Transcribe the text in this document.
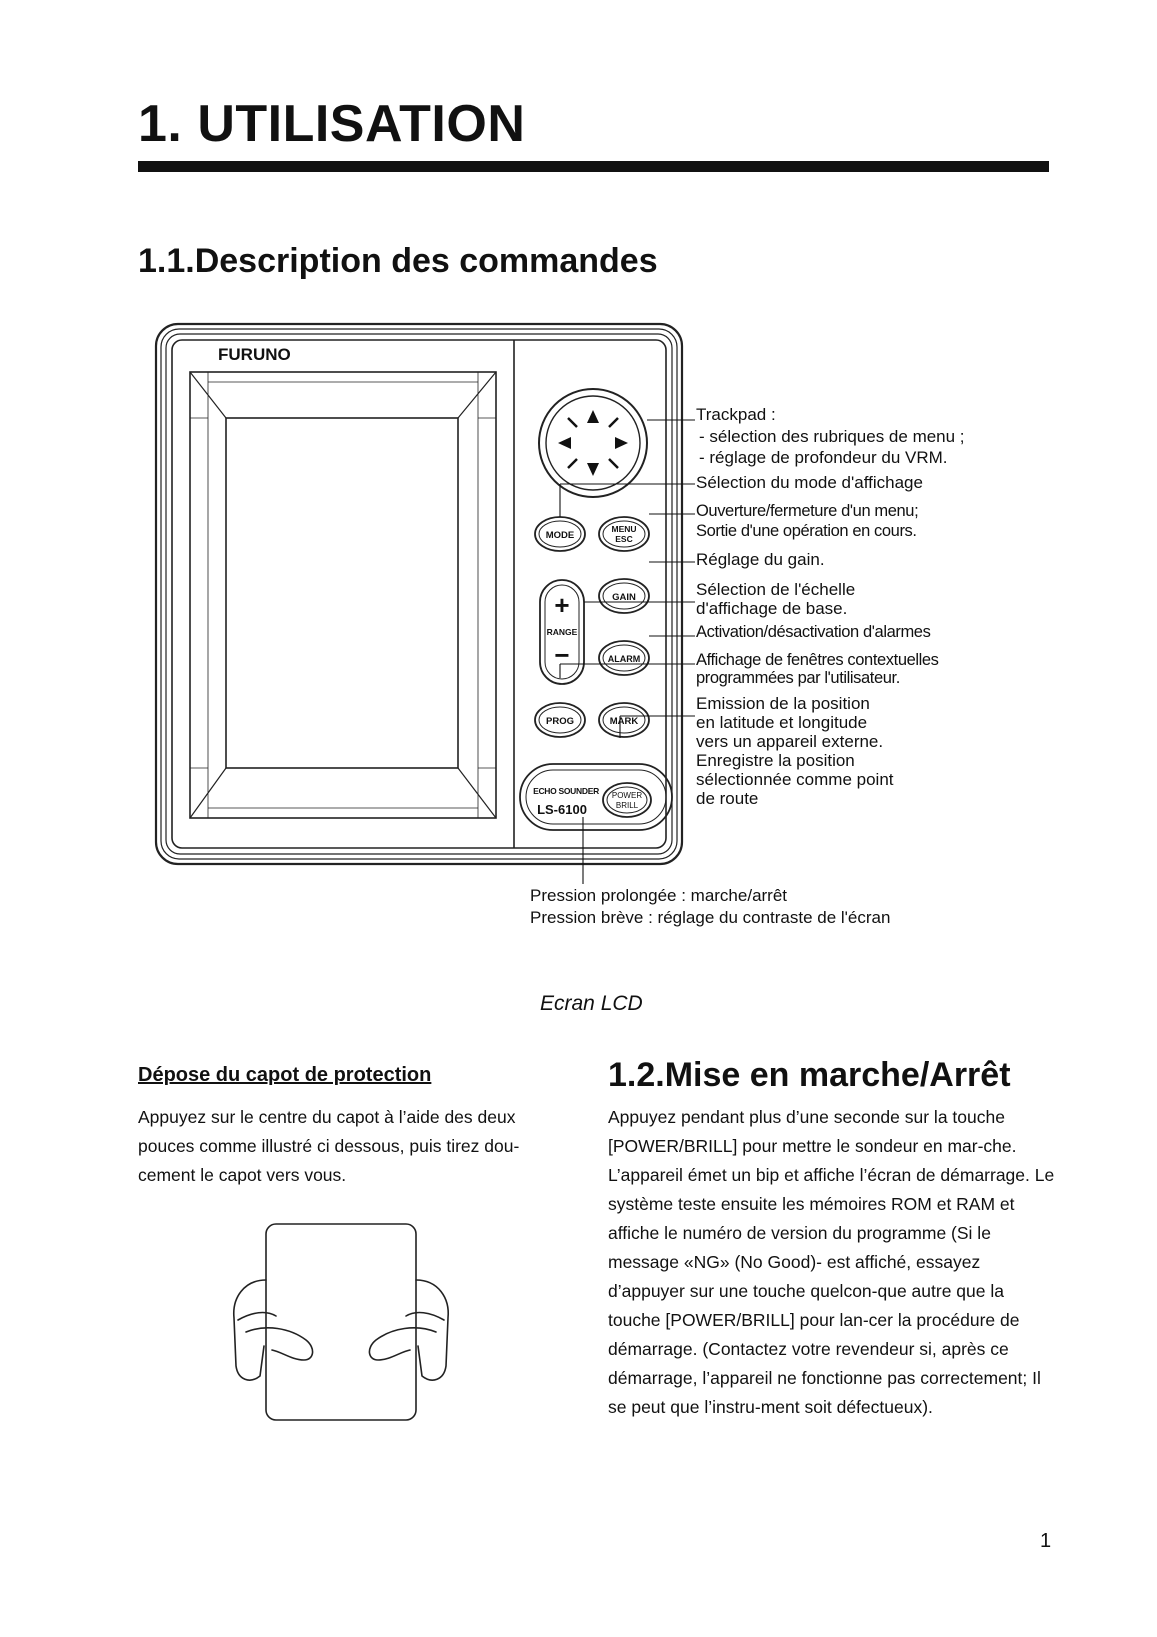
1. UTILISATION
1.1.Description des commandes
FURUNO
MODE
MENU
ESC
+
RANGE
−
GAIN
ALARM
PROG	MARK
ECHO SOUNDER
LS-6100
POWER
BRILL
Trackpad :
- sélection des rubriques de menu ;
- réglage de profondeur du VRM.
Sélection du mode d'affichage
Ouverture/fermeture d'un menu;
Sortie d'une opération en cours.
Réglage du gain.
Sélection de l'échelle
d'affichage de base.
Activation/désactivation d'alarmes
Affichage de fenêtres contextuelles
programmées par l'utilisateur.
Emission de la position
en latitude et longitude
vers un appareil externe.
Enregistre la position
sélectionnée comme point
de route
Pression prolongée : marche/arrêt
Pression brève : réglage du contraste de l'écran
Ecran LCD
Dépose du capot de protection
Appuyez sur le centre du capot à l’aide des deux pouces comme illustré ci dessous, puis tirez dou-cement le capot vers vous.
1.2.Mise en marche/Arrêt
Appuyez pendant plus d’une seconde sur la touche [POWER/BRILL] pour mettre le sondeur en mar-che. L’appareil émet un bip et affiche l’écran de démarrage. Le système teste ensuite les mémoires ROM et RAM et affiche le numéro de version du programme (Si le message «NG» (No Good)- est affiché, essayez d’appuyer sur une touche quelcon-que autre que la touche [POWER/BRILL] pour lan-cer la procédure de démarrage. (Contactez votre revendeur si, après ce démarrage, l’appareil ne fonctionne pas correctement; Il se peut que l’instru-ment soit défectueux).
1
